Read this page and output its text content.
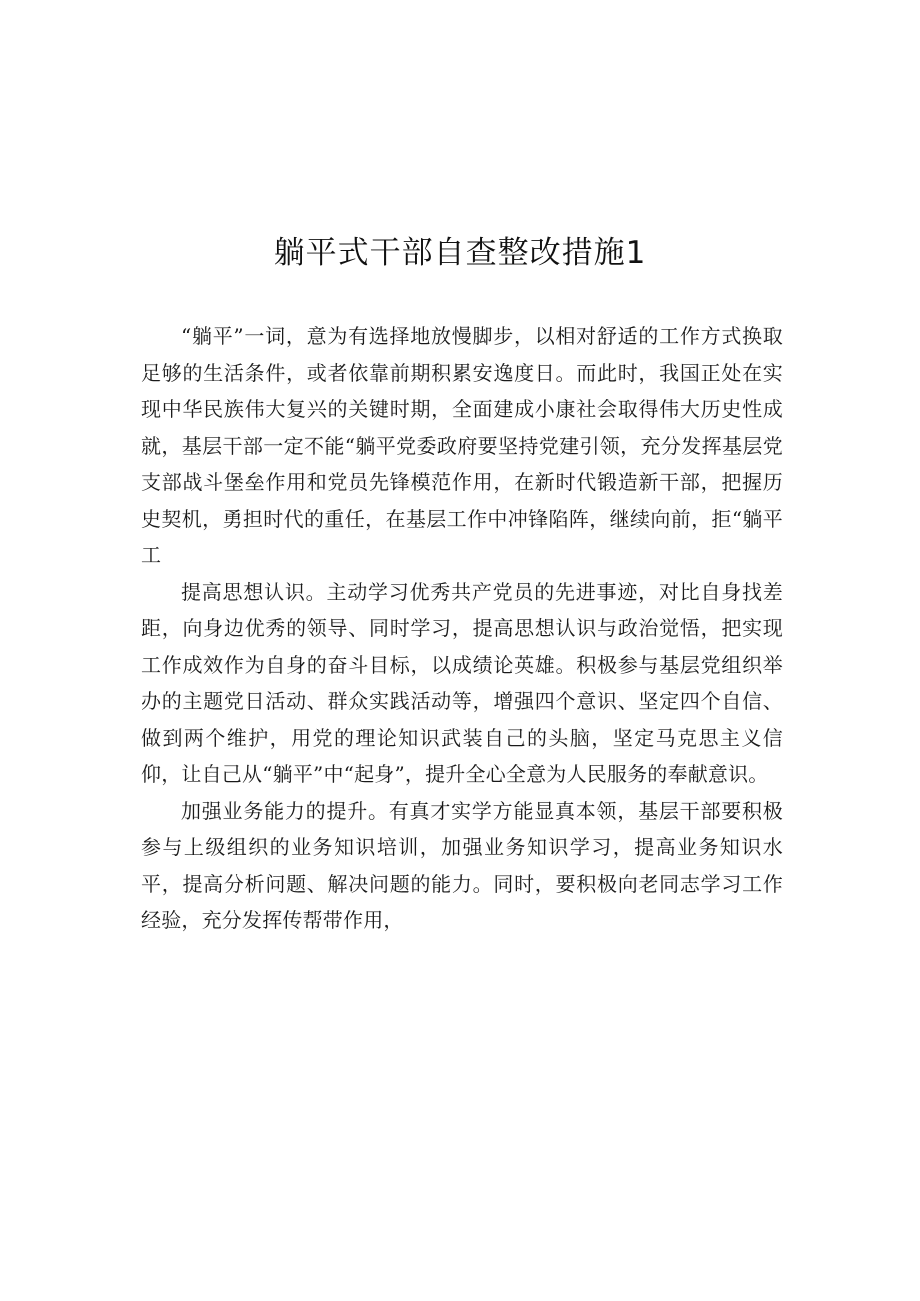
躺平式干部自查整改措施1

“躺平”一词，意为有选择地放慢脚步，以相对舒适的工作方式换取足够的生活条件，或者依靠前期积累安逸度日。而此时，我国正处在实现中华民族伟大复兴的关键时期，全面建成小康社会取得伟大历史性成就，基层干部一定不能“躺平党委政府要坚持党建引领，充分发挥基层党支部战斗堡垒作用和党员先锋模范作用，在新时代锻造新干部，把握历史契机，勇担时代的重任，在基层工作中冲锋陷阵，继续向前，拒“躺平工

提高思想认识。主动学习优秀共产党员的先进事迹，对比自身找差距，向身边优秀的领导、同时学习，提高思想认识与政治觉悟，把实现工作成效作为自身的奋斗目标，以成绩论英雄。积极参与基层党组织举办的主题党日活动、群众实践活动等，增强四个意识、坚定四个自信、做到两个维护，用党的理论知识武装自己的头脑，坚定马克思主义信仰，让自己从“躺平”中“起身”，提升全心全意为人民服务的奉献意识。

加强业务能力的提升。有真才实学方能显真本领，基层干部要积极参与上级组织的业务知识培训，加强业务知识学习，提高业务知识水平，提高分析问题、解决问题的能力。同时，要积极向老同志学习工作经验，充分发挥传帮带作用，
